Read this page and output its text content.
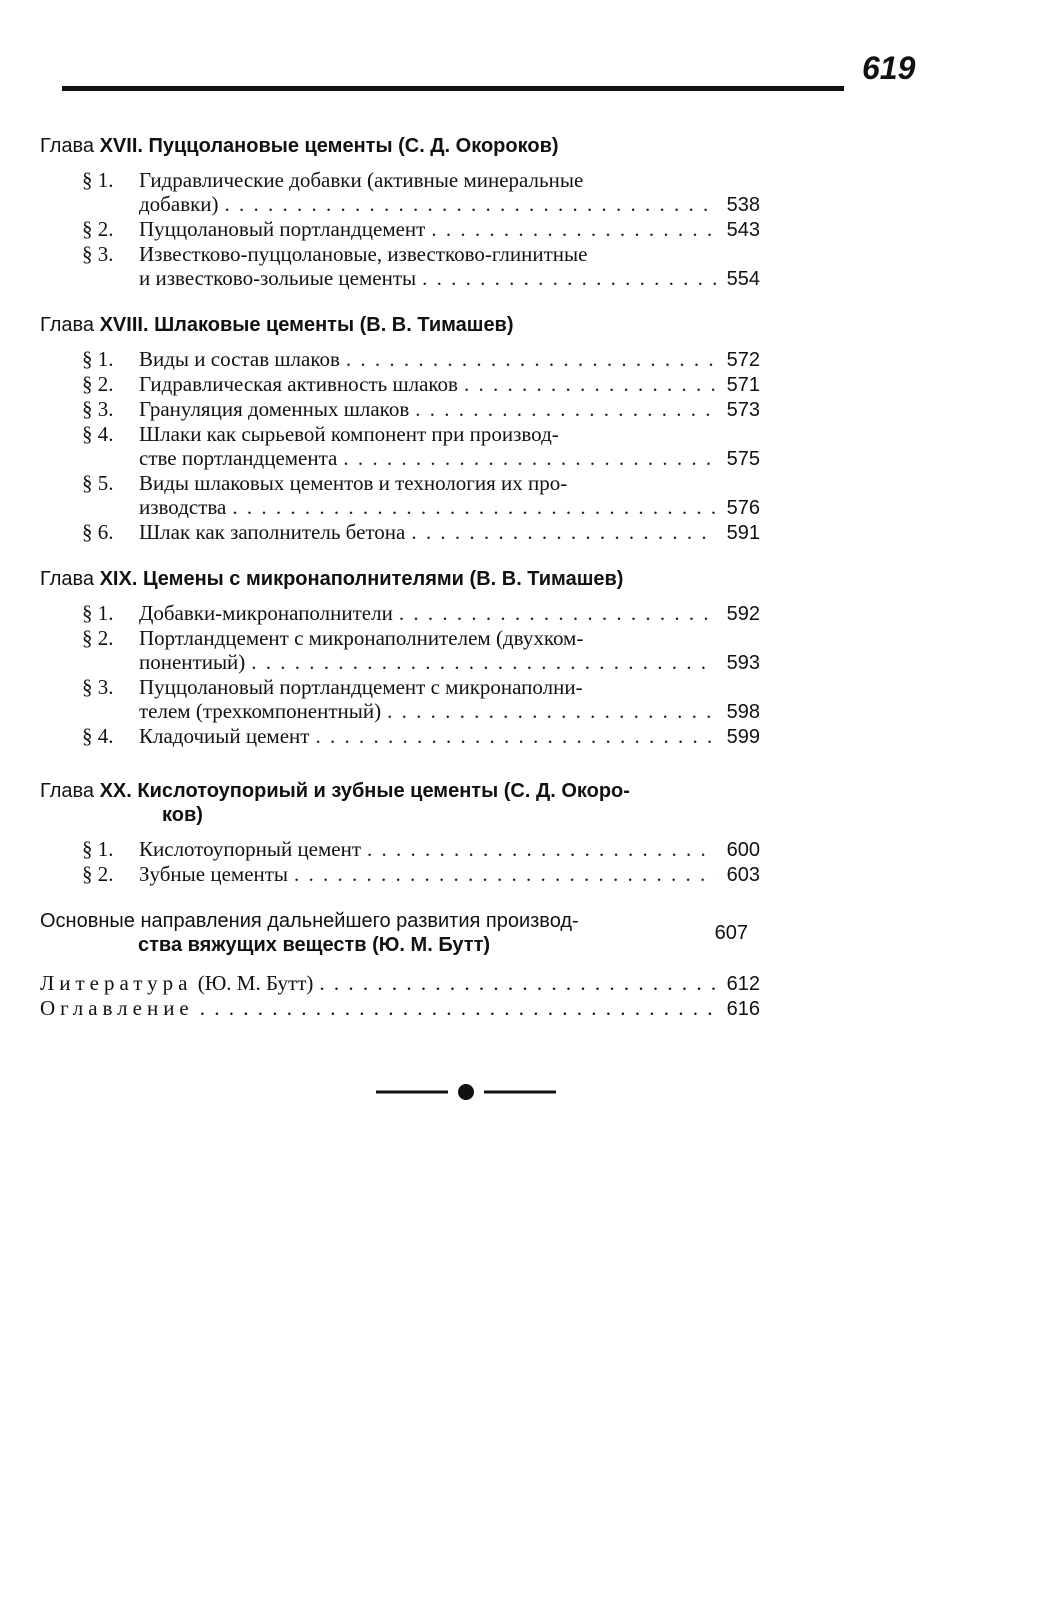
619
Глава XVII. Пуццолановые цементы (С. Д. Окороков)
§ 1. Гидравлические добавки (активные минеральные
добавки) . . .	538
§ 2. Пуццолановый портландцемент . . .	543
§ 3. Известково-пуццолановые, известково-глинитные
и известково-зольиые цементы . . .	554
Глава XVIII. Шлаковые цементы (В. В. Тимашев)
§ 1. Виды и состав шлаков . . .	572
§ 2. Гидравлическая активность шлаков . . .	571
§ 3. Грануляция доменных шлаков . . .	573
§ 4. Шлаки как сырьевой компонент при производ-
стве портландцемента . . .	575
§ 5. Виды шлаковых цементов и технология их про-
изводства . . .	576
§ 6. Шлак как заполнитель бетона . . .	591
Глава XIX. Цемены с микронаполнителями (В. В. Тимашев)
§ 1. Добавки-микронаполнители . . .	592
§ 2. Портландцемент с микронаполнителем (двухком-
понентиый) . . .	593
§ 3. Пуццолановый портландцемент с микронаполни-
телем (трехкомпонентный) . . .	598
§ 4. Кладочиый цемент . . .	599
Глава XX. Кислотоупориый и зубные цементы (С. Д. Окоро-
ков)
§ 1. Кислотоупорный цемент . . .	600
§ 2. Зубные цементы . . .	603
Основные направления дальнейшего развития производ-
ства вяжущих веществ (Ю. М. Бутт)
607
Литература (Ю. М. Бутт) . . .	612
Оглавление . . .	616
